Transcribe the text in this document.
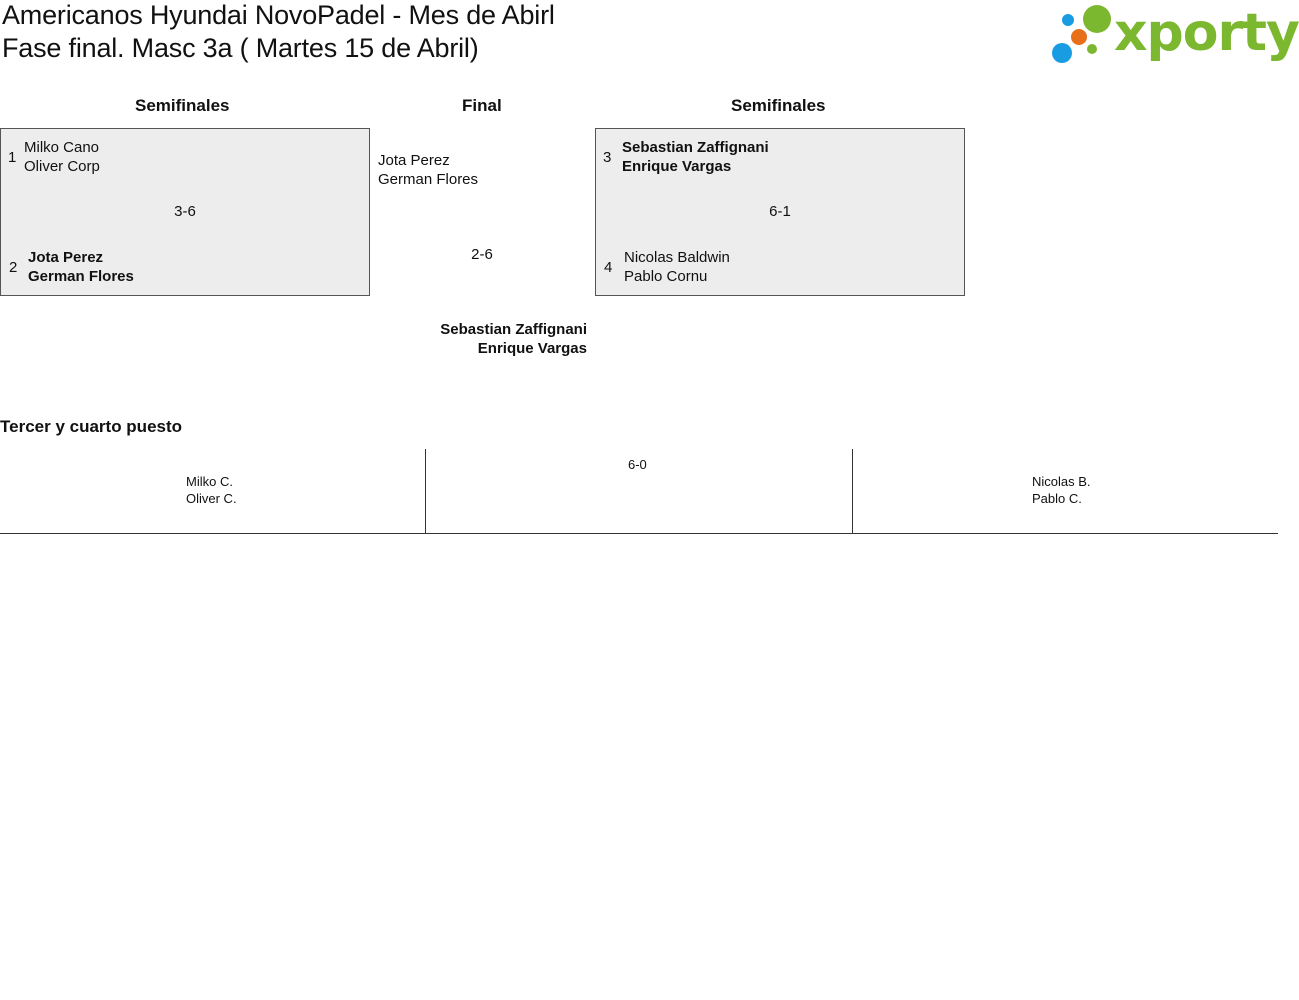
Americanos Hyundai NovoPadel - Mes de Abirl
Fase final. Masc 3a ( Martes 15 de Abril)	xporty
Semifinales	Final	Semifinales
1
Milko Cano
Oliver Corp
3-6
2
Jota Perez
German Flores
Jota Perez
German Flores
2-6
3
Sebastian Zaffignani
Enrique Vargas
6-1
4
Nicolas Baldwin
Pablo Cornu
Sebastian Zaffignani
Enrique Vargas
Tercer y cuarto puesto
Milko C.
Oliver C.
6-0
Nicolas B.
Pablo C.
